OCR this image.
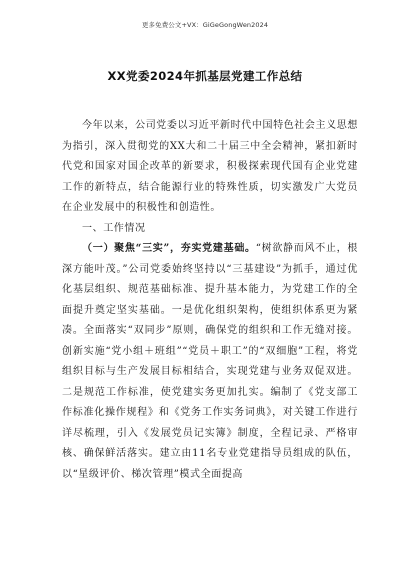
更多免费公文+VX：GiGeGongWen2024
XX党委2024年抓基层党建工作总结

今年以来，公司党委以习近平新时代中国特色社会主义思想为指引，深入贯彻党的XX大和二十届三中全会精神，紧扣新时代党和国家对国企改革的新要求，积极探索现代国有企业党建工作的新特点，结合能源行业的特殊性质，切实激发广大党员在企业发展中的积极性和创造性。

一、工作情况

（一）聚焦“三实”，夯实党建基础。“树欲静而风不止，根深方能叶茂。”公司党委始终坚持以“三基建设”为抓手，通过优化基层组织、规范基础标准、提升基本能力，为党建工作的全面提升奠定坚实基础。一是优化组织架构，使组织体系更为紧凑。全面落实“双同步”原则，确保党的组织和工作无缝对接。创新实施“党小组＋班组”“党员＋职工”的“双细胞”工程，将党组织目标与生产发展目标相结合，实现党建与业务双促双进。二是规范工作标准，使党建实务更加扎实。编制了《党支部工作标准化操作规程》和《党务工作实务词典》，对关键工作进行详尽梳理，引入《发展党员记实簿》制度，全程记录、严格审核、确保鲜活落实。建立由11名专业党建指导员组成的队伍，以“星级评价、梯次管理”模式全面提高
